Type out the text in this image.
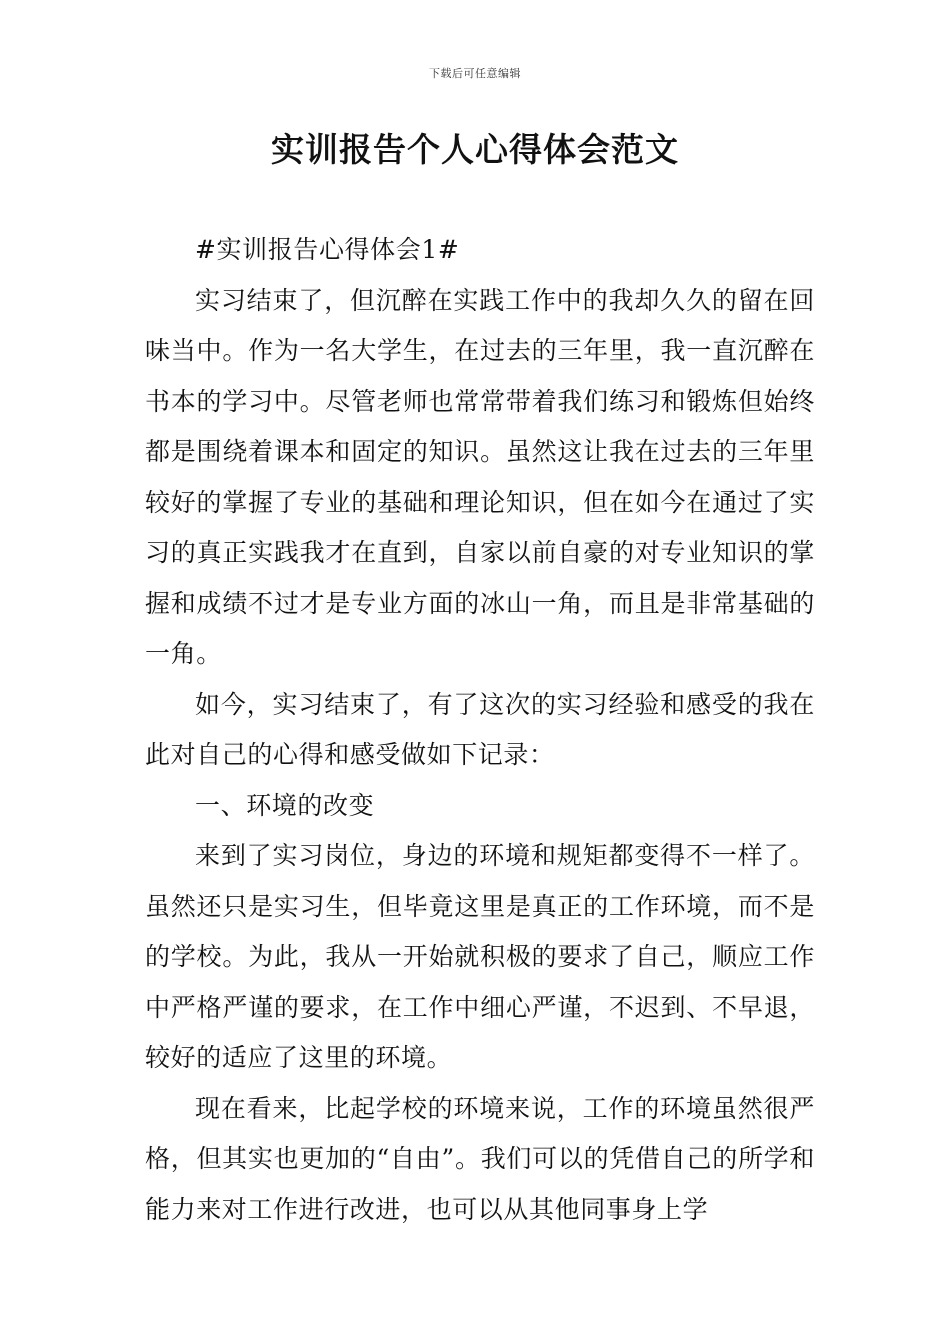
下载后可任意编辑
实训报告个人心得体会范文

#实训报告心得体会1#

实习结束了，但沉醉在实践工作中的我却久久的留在回味当中。作为一名大学生，在过去的三年里，我一直沉醉在书本的学习中。尽管老师也常常带着我们练习和锻炼但始终都是围绕着课本和固定的知识。虽然这让我在过去的三年里较好的掌握了专业的基础和理论知识，但在如今在通过了实习的真正实践我才在直到，自家以前自豪的对专业知识的掌握和成绩不过才是专业方面的冰山一角，而且是非常基础的一角。

如今，实习结束了，有了这次的实习经验和感受的我在此对自己的心得和感受做如下记录：

一、环境的改变

来到了实习岗位，身边的环境和规矩都变得不一样了。虽然还只是实习生，但毕竟这里是真正的工作环境，而不是的学校。为此，我从一开始就积极的要求了自己，顺应工作中严格严谨的要求，在工作中细心严谨，不迟到、不早退，较好的适应了这里的环境。

现在看来，比起学校的环境来说，工作的环境虽然很严格，但其实也更加的“自由”。我们可以的凭借自己的所学和能力来对工作进行改进，也可以从其他同事身上学
